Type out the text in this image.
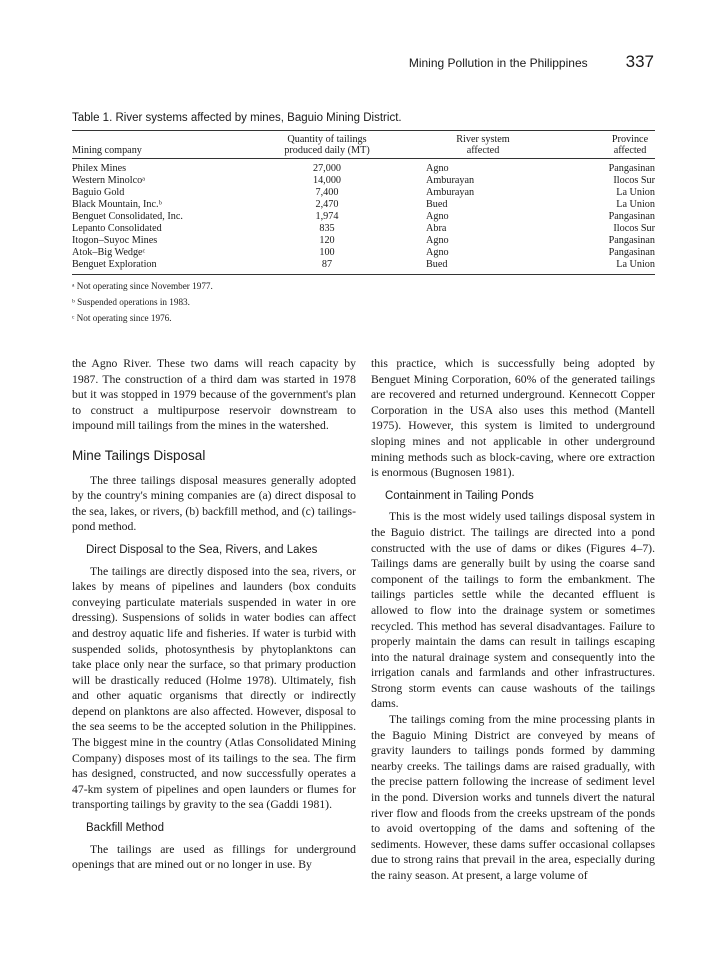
Mining Pollution in the Philippines 337
Table 1. River systems affected by mines, Baguio Mining District.
Mining company	Quantity of tailings produced daily (MT)	River system affected	Province affected
Philex Mines	27,000	Agno	Pangasinan
Western Minolcoᵃ	14,000	Amburayan	Ilocos Sur
Baguio Gold	7,400	Amburayan	La Union
Black Mountain, Inc.ᵇ	2,470	Bued	La Union
Benguet Consolidated, Inc.	1,974	Agno	Pangasinan
Lepanto Consolidated	835	Abra	Ilocos Sur
Itogon–Suyoc Mines	120	Agno	Pangasinan
Atok–Big Wedgeᶜ	100	Agno	Pangasinan
Benguet Exploration	87	Bued	La Union
ᵃ Not operating since November 1977.
ᵇ Suspended operations in 1983.
ᶜ Not operating since 1976.

the Agno River. These two dams will reach capacity by 1987. The construction of a third dam was started in 1978 but it was stopped in 1979 because of the government's plan to construct a multipurpose reservoir downstream to impound mill tailings from the mines in the watershed.

Mine Tailings Disposal

The three tailings disposal measures generally adopted by the country's mining companies are (a) direct disposal to the sea, lakes, or rivers, (b) backfill method, and (c) tailings-pond method.

Direct Disposal to the Sea, Rivers, and Lakes

The tailings are directly disposed into the sea, rivers, or lakes by means of pipelines and launders (box conduits conveying particulate materials suspended in water in ore dressing). Suspensions of solids in water bodies can affect and destroy aquatic life and fisheries. If water is turbid with suspended solids, photosynthesis by phytoplanktons can take place only near the surface, so that primary production will be drastically reduced (Holme 1978). Ultimately, fish and other aquatic organisms that directly or indirectly depend on planktons are also affected. However, disposal to the sea seems to be the accepted solution in the Philippines. The biggest mine in the country (Atlas Consolidated Mining Company) disposes most of its tailings to the sea. The firm has designed, constructed, and now successfully operates a 47-km system of pipelines and open launders or flumes for transporting tailings by gravity to the sea (Gaddi 1981).

Backfill Method

The tailings are used as fillings for underground openings that are mined out or no longer in use. By

this practice, which is successfully being adopted by Benguet Mining Corporation, 60% of the generated tailings are recovered and returned underground. Kennecott Copper Corporation in the USA also uses this method (Mantell 1975). However, this system is limited to underground sloping mines and not applicable in other underground mining methods such as block-caving, where ore extraction is enormous (Bugnosen 1981).

Containment in Tailing Ponds

This is the most widely used tailings disposal system in the Baguio district. The tailings are directed into a pond constructed with the use of dams or dikes (Figures 4–7). Tailings dams are generally built by using the coarse sand component of the tailings to form the embankment. The tailings particles settle while the decanted effluent is allowed to flow into the drainage system or sometimes recycled. This method has several disadvantages. Failure to properly maintain the dams can result in tailings escaping into the natural drainage system and consequently into the irrigation canals and farmlands and other infrastructures. Strong storm events can cause washouts of the tailings dams.

The tailings coming from the mine processing plants in the Baguio Mining District are conveyed by means of gravity launders to tailings ponds formed by damming nearby creeks. The tailings dams are raised gradually, with the precise pattern following the increase of sediment level in the pond. Diversion works and tunnels divert the natural river flow and floods from the creeks upstream of the ponds to avoid overtopping of the dams and softening of the sediments. However, these dams suffer occasional collapses due to strong rains that prevail in the area, especially during the rainy season. At present, a large volume of
